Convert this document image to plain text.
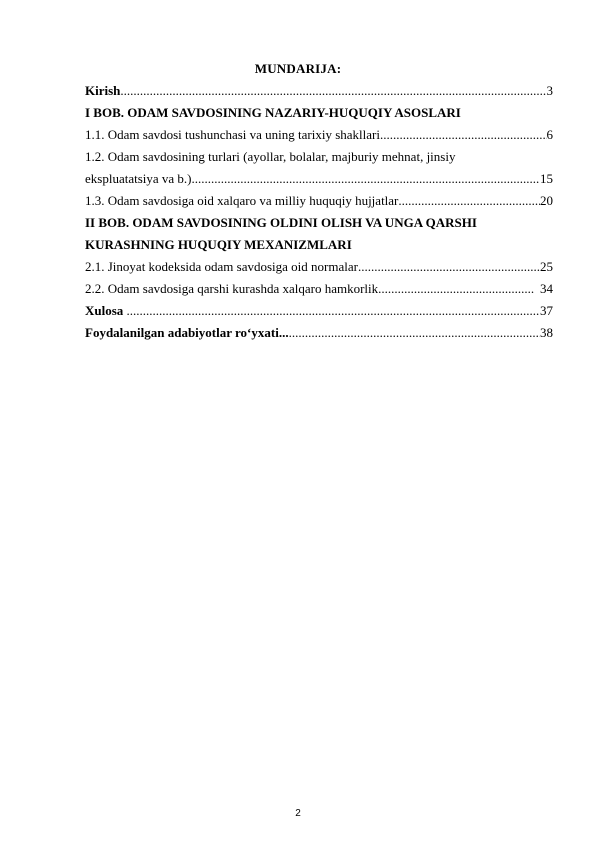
MUNDARIJA:
Kirish .....	3
I BOB. ODAM SAVDOSINING NAZARIY-HUQUQIY ASOSLARI
1.1. Odam savdosi tushunchasi va uning tarixiy shakllari .....	6
1.2. Odam savdosining turlari (ayollar, bolalar, majburiy mehnat, jinsiy
ekspluatatsiya va b.) .....	15
1.3. Odam savdosiga oid xalqaro va milliy huquqiy hujjatlar .....	20
II BOB. ODAM SAVDOSINING OLDINI OLISH VA UNGA QARSHI
KURASHNING HUQUQIY MEXANIZMLARI
2.1. Jinoyat kodeksida odam savdosiga oid normalar .....	25
2.2. Odam savdosiga qarshi kurashda xalqaro hamkorlik .....	34
Xulosa .....	37
Foydalanilgan adabiyotlar ro‘yxati... .....	38
2
